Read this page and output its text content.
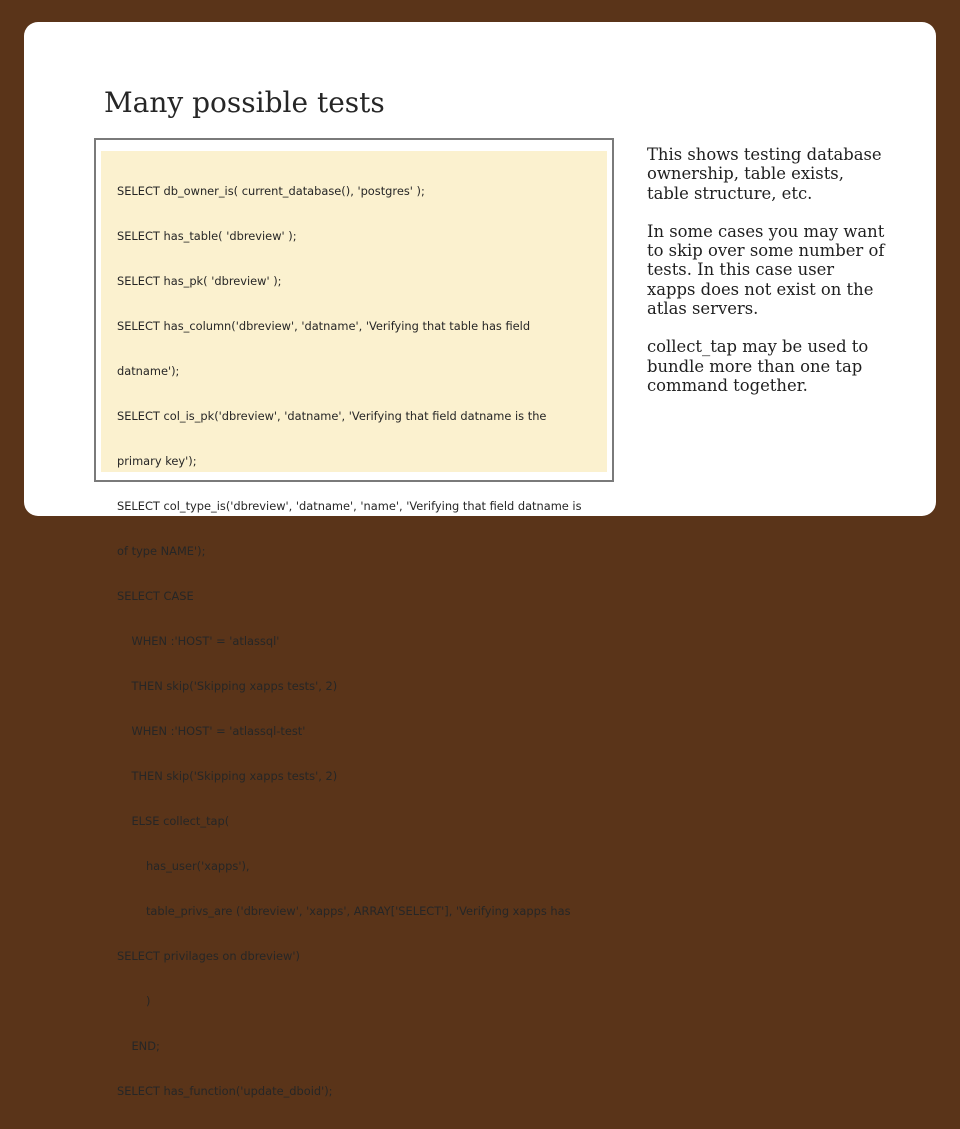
Many possible tests

SELECT db_owner_is( current_database(), 'postgres' );

SELECT has_table( 'dbreview' );

SELECT has_pk( 'dbreview' );

SELECT has_column('dbreview', 'datname', 'Verifying that table has field

datname');

SELECT col_is_pk('dbreview', 'datname', 'Verifying that field datname is the

primary key');

SELECT col_type_is('dbreview', 'datname', 'name', 'Verifying that field datname is

of type NAME');

SELECT CASE

WHEN :'HOST' = 'atlassql'

THEN skip('Skipping xapps tests', 2)

WHEN :'HOST' = 'atlassql-test'

THEN skip('Skipping xapps tests', 2)

ELSE collect_tap(

has_user('xapps'),

table_privs_are ('dbreview', 'xapps', ARRAY['SELECT'], 'Verifying xapps has

SELECT privilages on dbreview')

)

END;

SELECT has_function('update_dboid');

This shows testing database ownership, table exists, table structure, etc.

In some cases you may want to skip over some number of tests. In this case user xapps does not exist on the atlas servers.

collect_tap may be used to bundle more than one tap command together.
